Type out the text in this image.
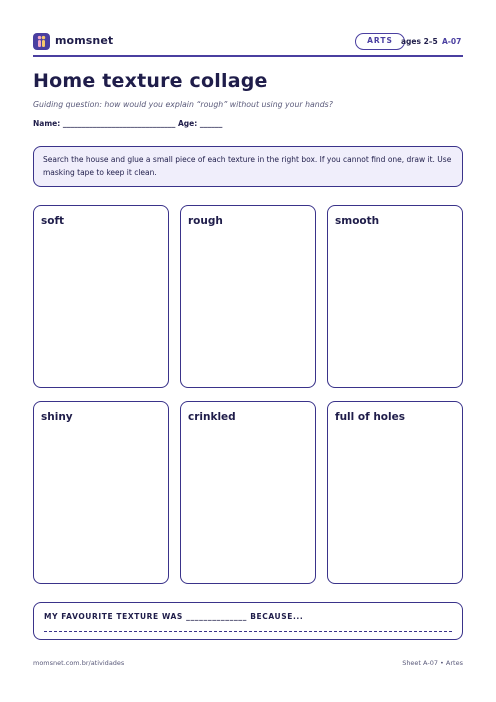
momsnet	ARTS	ages 2–5 A-07
Home texture collage

Guiding question: how would you explain “rough” without using your hands?

Name: ______________________________ Age: ______

Search the house and glue a small piece of each texture in the right box. If you cannot find one, draw it. Use masking tape to keep it clean.
soft	rough	smooth
shiny	crinkled	full of holes
MY FAVOURITE TEXTURE WAS ______________ BECAUSE...
momsnet.com.br/atividades	Sheet A-07 • Artes
